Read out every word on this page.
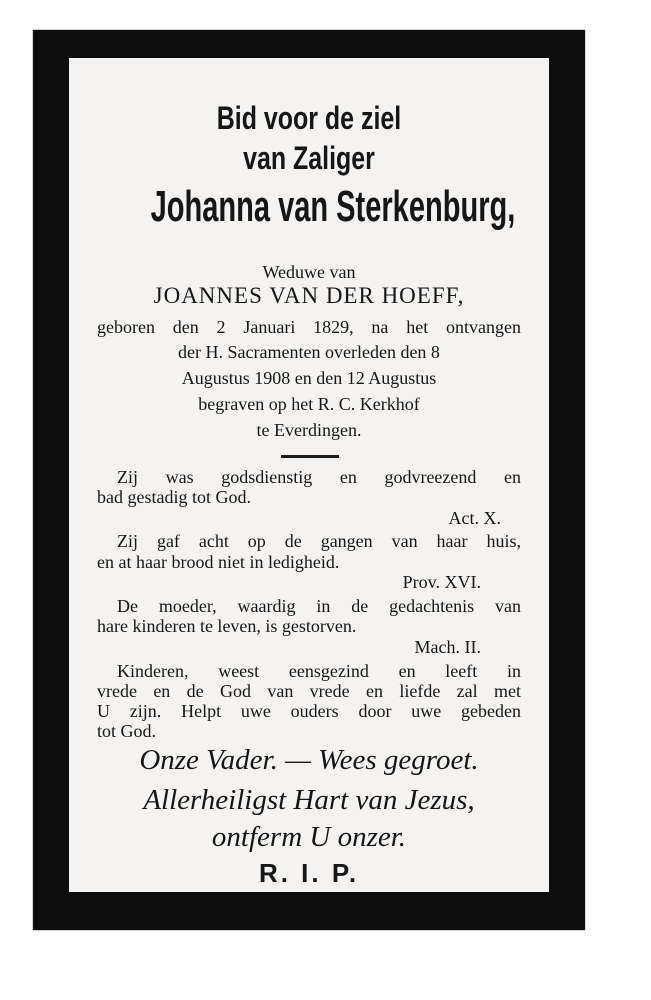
Bid voor de ziel
van Zaliger
Johanna van Sterkenburg,
Weduwe van
JOANNES VAN DER HOEFF,
geboren den 2 Januari 1829, na het ontvangen
der H. Sacramenten overleden den 8
Augustus 1908 en den 12 Augustus
begraven op het R. C. Kerkhof
te Everdingen.
Zij was godsdienstig en godvreezend en
bad gestadig tot God.
Act. X.
Zij gaf acht op de gangen van haar huis,
en at haar brood niet in ledigheid.
Prov. XVI.
De moeder, waardig in de gedachtenis van
hare kinderen te leven, is gestorven.
Mach. II.
Kinderen, weest eensgezind en leeft in
vrede en de God van vrede en liefde zal met
U zijn. Helpt uwe ouders door uwe gebeden
tot God.
Onze Vader. — Wees gegroet.
Allerheiligst Hart van Jezus,
ontferm U onzer.
R. I. P.
